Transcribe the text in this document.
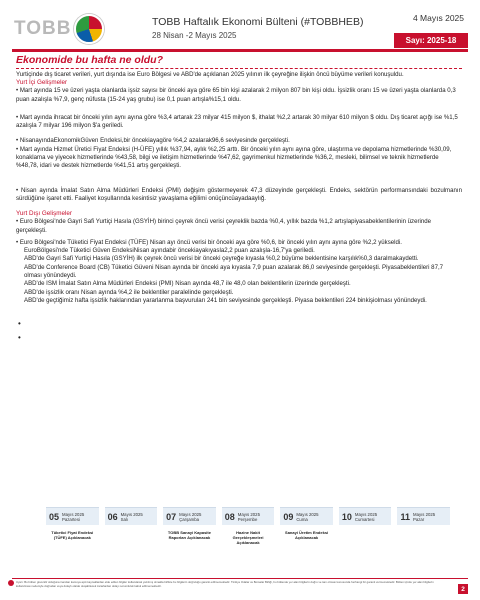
TOBB	TOBB Haftalık Ekonomi Bülteni (#TOBBHEB)
28 Nisan -2 Mayıs 2025
4 Mayıs 2025
Sayı: 2025-18
Ekonomide bu hafta ne oldu?

Yurtiçinde dış ticaret verileri, yurt dışında ise Euro Bölgesi ve ABD'de açıklanan 2025 yılının ilk çeyreğine ilişkin öncü büyüme verileri konuşuldu.

Yurt İçi Gelişmeler

• Mart ayında 15 ve üzeri yaşta olanlarda işsiz sayısı bir önceki aya göre 65 bin kişi azalarak 2 milyon 807 bin kişi oldu. İşsizlik oranı 15 ve üzeri yaşta olanlarda 0,3 puan azalışla %7,9, genç nüfusta (15-24 yaş grubu) ise 0,1 puan artışla%15,1 oldu.

• Mart ayında ihracat bir önceki yılın aynı ayına göre %3,4 artarak 23 milyar 415 milyon $, ithalat %2,2 artarak 30 milyar 610 milyon $ oldu. Dış ticaret açığı ise %1,5 azalışla 7 milyar 196 milyon $'a geriledi.

• NisanayındaEkonomikGüven Endeksi,bir öncekiayagöre %4,2 azalarak96,6 seviyesinde gerçekleşti.

• Mart ayında Hizmet Üretici Fiyat Endeksi (H-ÜFE) yıllık %37,94, aylık %2,25 arttı. Bir önceki yılın aynı ayına göre, ulaştırma ve depolama hizmetlerinde %30,09, konaklama ve yiyecek hizmetlerinde %43,58, bilgi ve iletişim hizmetlerinde %47,62, gayrimenkul hizmetlerinde %36,2, mesleki, bilimsel ve teknik hizmetlerde %48,78, idari ve destek hizmetlerde %41,51 artış gerçekleşti.

• Nisan ayında İmalat Satın Alma Müdürleri Endeksi (PMI) değişim göstermeyerek 47,3 düzeyinde gerçekleşti. Endeks, sektörün performansındaki bozulmanın sürdüğüne işaret etti. Faaliyet koşullarında kesintisiz yavaşlama eğilimi onüçüncüayadaaylığ.

Yurt Dışı Gelişmeler

• Euro Bölgesi'nde Gayri Safi Yurtiçi Hasıla (GSYİH) birinci çeyrek öncü verisi çeyreklik bazda %0,4, yıllık bazda %1,2 artışlapiyasabeklentilerinin üzerinde gerçekleşti.

• Euro Bölgesi'nde Tüketici Fiyat Endeksi (TÜFE) Nisan ayı öncü verisi bir önceki aya göre %0,6, bir önceki yılın aynı ayına göre %2,2 yükseldi.

EuroBölgesi'nde Tüketici Güven EndeksiNisan ayındabir öncekiayakıyasla2,2 puan azalışla-16,7'ya geriledi.

ABD'de Gayri Safi Yurtiçi Hasıla (GSYİH) ilk çeyrek öncü verisi bir önceki çeyreğe kıyasla %0,2 büyüme beklentisine karşılık%0,3 daralmakaydetti.

ABD'de Conference Board (CB) Tüketici Güveni Nisan ayında bir önceki aya kıyasla 7,9 puan azalarak 86,0 seviyesinde gerçekleşti. Piyasabeklentileri 87,7 olması yönündeydi.

ABD'de ISM İmalat Satın Alma Müdürleri Endeksi (PMI) Nisan ayında 48,7 ile 48,0 olan beklentilerin üzerinde gerçekleşti.

ABD'de işsizlik oranı Nisan ayında %4,2 ile beklentiler paralelinde gerçekleşti.

ABD'de geçtiğimiz hafta işsizlik haklarından yararlanma başvuruları 241 bin seviyesinde gerçekleşti. Piyasa beklentileri 224 binkişiolması yönündeydi.

•
•
05 Mayıs 2025
Pazartesi
Tüketici Fiyat Endeksi (TÜFE) Açıklanacak
06 Mayıs 2025
Salı	07 Mayıs 2025
Çarşamba
TOBB Sanayi Kapasite Raporları Açıklanacak
08 Mayıs 2025
Perşembe
Hazine Nakit Gerçekleşmeleri Açıklanacak
09 Mayıs 2025
Cuma
Sanayi Üretim Endeksi Açıklanacak
10 Mayıs 2025
Cumartesi	11 Mayıs 2025
Pazar
Uyarı: Bu bülten güvenilir olduğuna inanılan kamuya açık kaynaklardan elde edilen bilgiler kullanılarak yazılmış olmakla birlikte bu bilgilerin doğruluğu garanti edilmemektedir. Türkiye Odalar ve Borsalar Birliği, bu bültende yer alan bilgilerin doğru ve tam olması konusunda herhangi bir garanti vermemektedir. Bülten içinde yer alan bilgilerin kullanılması nedeniyle doğrudan veya dolaylı olarak oluşabilecek zararlardan dolayı sorumluluk kabul edilmemektedir.	2
